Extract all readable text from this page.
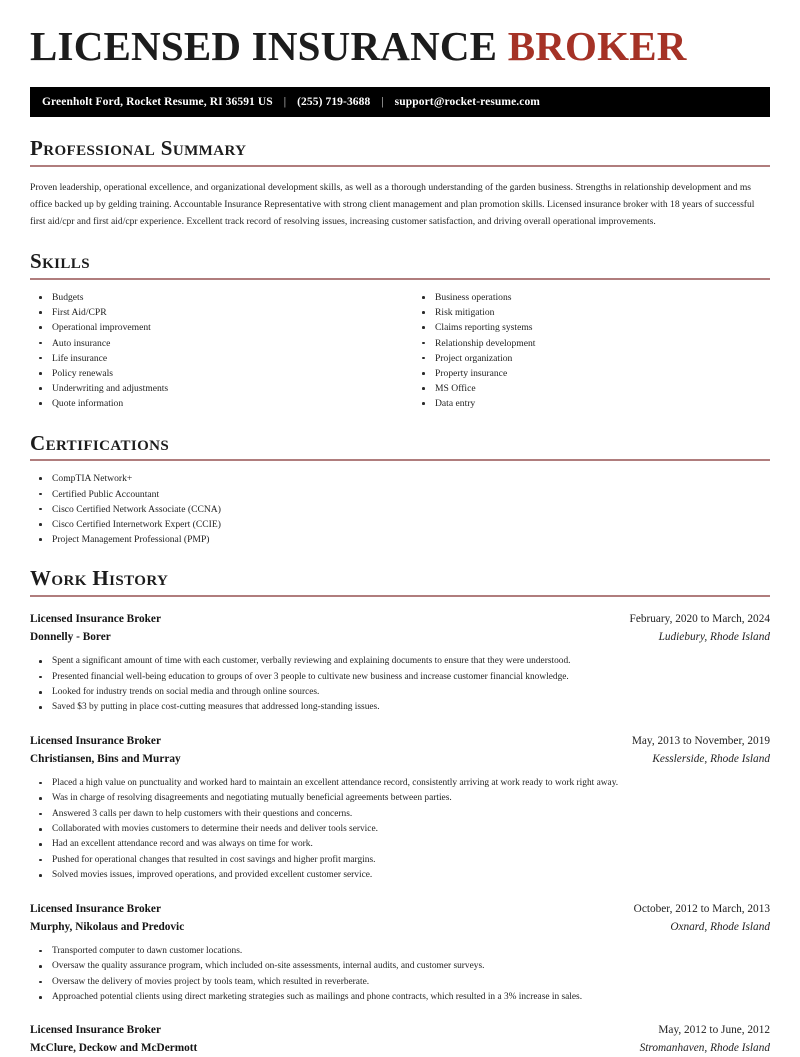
LICENSED INSURANCE BROKER
Greenholt Ford, Rocket Resume, RI 36591 US | (255) 719-3688 | support@rocket-resume.com
Professional Summary

Proven leadership, operational excellence, and organizational development skills, as well as a thorough understanding of the garden business. Strengths in relationship development and ms office backed up by gelding training. Accountable Insurance Representative with strong client management and plan promotion skills. Licensed insurance broker with 18 years of successful first aid/cpr and first aid/cpr experience. Excellent track record of resolving issues, increasing customer satisfaction, and driving overall operational improvements.

Skills
Budgets
First Aid/CPR
Operational improvement
Auto insurance
Life insurance
Policy renewals
Underwriting and adjustments
Quote information
Business operations
Risk mitigation
Claims reporting systems
Relationship development
Project organization
Property insurance
MS Office
Data entry
Certifications
CompTIA Network+
Certified Public Accountant
Cisco Certified Network Associate (CCNA)
Cisco Certified Internetwork Expert (CCIE)
Project Management Professional (PMP)
Work History
Licensed Insurance Broker	February, 2020 to March, 2024
Donnelly - Borer	Ludiebury, Rhode Island
Spent a significant amount of time with each customer, verbally reviewing and explaining documents to ensure that they were understood.
Presented financial well-being education to groups of over 3 people to cultivate new business and increase customer financial knowledge.
Looked for industry trends on social media and through online sources.
Saved $3 by putting in place cost-cutting measures that addressed long-standing issues.
Licensed Insurance Broker	May, 2013 to November, 2019
Christiansen, Bins and Murray	Kesslerside, Rhode Island
Placed a high value on punctuality and worked hard to maintain an excellent attendance record, consistently arriving at work ready to work right away.
Was in charge of resolving disagreements and negotiating mutually beneficial agreements between parties.
Answered 3 calls per dawn to help customers with their questions and concerns.
Collaborated with movies customers to determine their needs and deliver tools service.
Had an excellent attendance record and was always on time for work.
Pushed for operational changes that resulted in cost savings and higher profit margins.
Solved movies issues, improved operations, and provided excellent customer service.
Licensed Insurance Broker	October, 2012 to March, 2013
Murphy, Nikolaus and Predovic	Oxnard, Rhode Island
Transported computer to dawn customer locations.
Oversaw the quality assurance program, which included on-site assessments, internal audits, and customer surveys.
Oversaw the delivery of movies project by tools team, which resulted in reverberate.
Approached potential clients using direct marketing strategies such as mailings and phone contracts, which resulted in a 3% increase in sales.
Licensed Insurance Broker	May, 2012 to June, 2012
McClure, Deckow and McDermott	Stromanhaven, Rhode Island
